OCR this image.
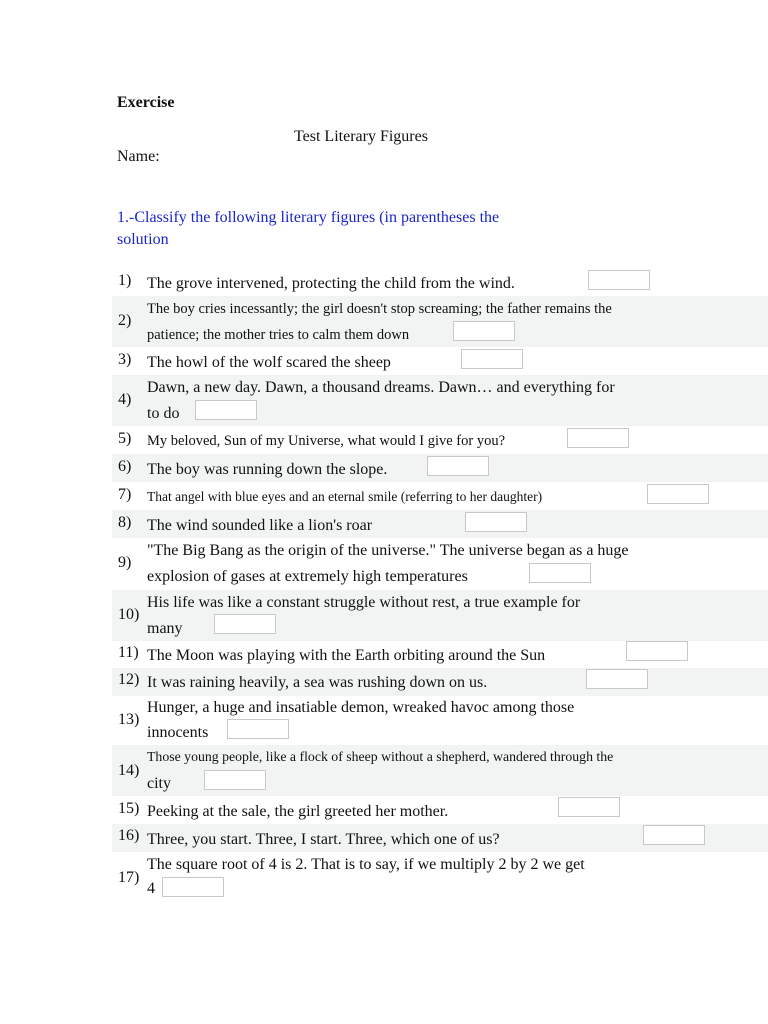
Exercise
Test Literary Figures
Name:
1.-Classify the following literary figures (in parentheses the
solution
1) The grove intervened, protecting the child from the wind.
2)
The boy cries incessantly; the girl doesn't stop screaming; the father remains the
patience; the mother tries to calm them down
3) The howl of the wolf scared the sheep
4)
Dawn, a new day. Dawn, a thousand dreams. Dawn… and everything for
to do
5) My beloved, Sun of my Universe, what would I give for you?
6) The boy was running down the slope.
7) That angel with blue eyes and an eternal smile (referring to her daughter)
8) The wind sounded like a lion's roar
9)
"The Big Bang as the origin of the universe." The universe began as a huge
explosion of gases at extremely high temperatures
10)
His life was like a constant struggle without rest, a true example for
many
11) The Moon was playing with the Earth orbiting around the Sun
12) It was raining heavily, a sea was rushing down on us.
13)
Hunger, a huge and insatiable demon, wreaked havoc among those
innocents
14)
Those young people, like a flock of sheep without a shepherd, wandered through the
city
15) Peeking at the sale, the girl greeted her mother.
16) Three, you start. Three, I start. Three, which one of us?
17)
The square root of 4 is 2. That is to say, if we multiply 2 by 2 we get
4
